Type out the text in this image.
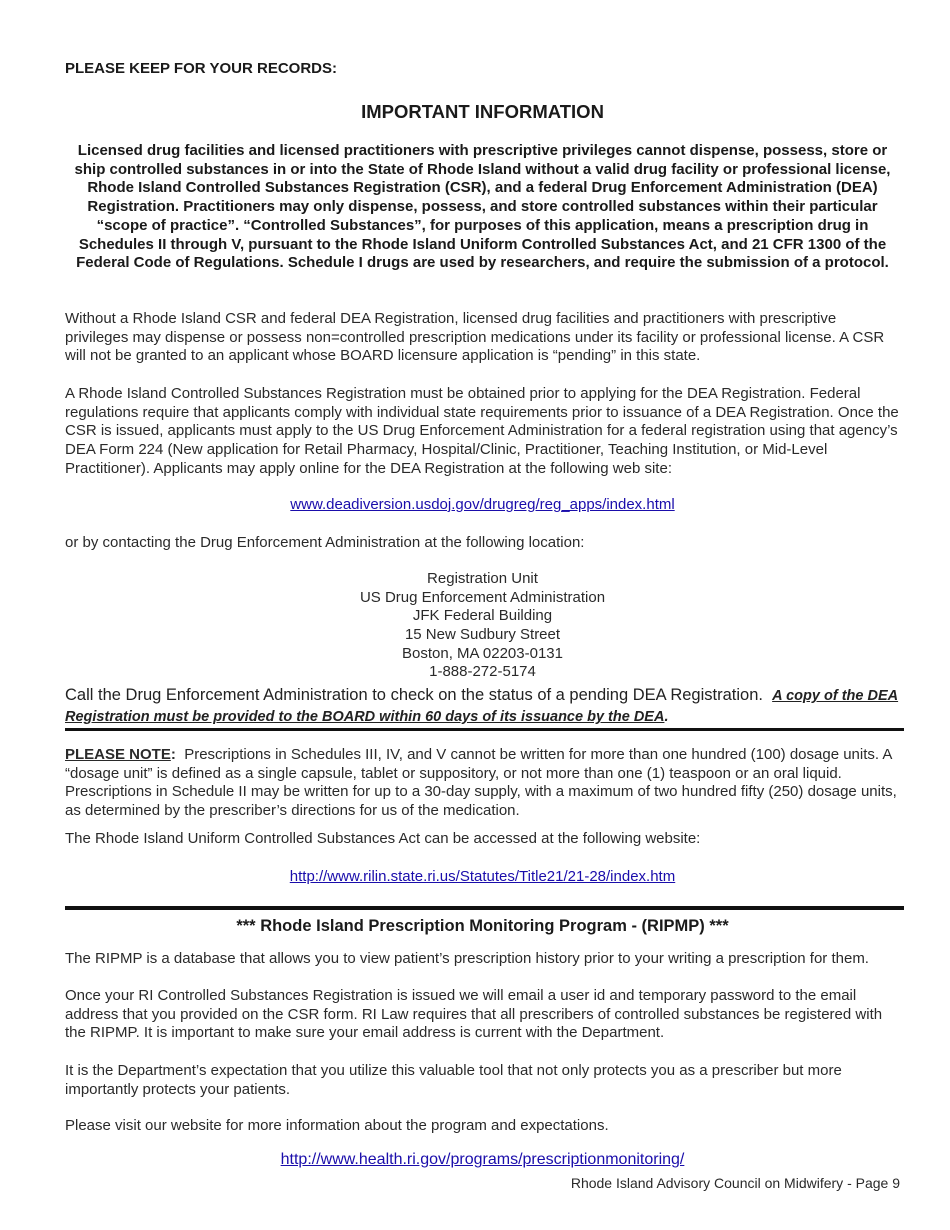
PLEASE KEEP FOR YOUR RECORDS:
IMPORTANT INFORMATION
Licensed drug facilities and licensed practitioners with prescriptive privileges cannot dispense, possess, store or ship controlled substances in or into the State of Rhode Island without a valid drug facility or professional license, Rhode Island Controlled Substances Registration (CSR), and a federal Drug Enforcement Administration (DEA) Registration. Practitioners may only dispense, possess, and store controlled substances within their particular “scope of practice”. “Controlled Substances”, for purposes of this application, means a prescription drug in Schedules II through V, pursuant to the Rhode Island Uniform Controlled Substances Act, and 21 CFR 1300 of the Federal Code of Regulations. Schedule I drugs are used by researchers, and require the submission of a protocol.
Without a Rhode Island CSR and federal DEA Registration, licensed drug facilities and practitioners with prescriptive privileges may dispense or possess non=controlled prescription medications under its facility or professional license. A CSR will not be granted to an applicant whose BOARD licensure application is “pending” in this state.
A Rhode Island Controlled Substances Registration must be obtained prior to applying for the DEA Registration. Federal regulations require that applicants comply with individual state requirements prior to issuance of a DEA Registration. Once the CSR is issued, applicants must apply to the US Drug Enforcement Administration for a federal registration using that agency’s DEA Form 224 (New application for Retail Pharmacy, Hospital/Clinic, Practitioner, Teaching Institution, or Mid-Level Practitioner). Applicants may apply online for the DEA Registration at the following web site:
www.deadiversion.usdoj.gov/drugreg/reg_apps/index.html
or by contacting the Drug Enforcement Administration at the following location:
Registration Unit
US Drug Enforcement Administration
JFK Federal Building
15 New Sudbury Street
Boston, MA 02203-0131
1-888-272-5174
Call the Drug Enforcement Administration to check on the status of a pending DEA Registration. A copy of the DEA Registration must be provided to the BOARD within 60 days of its issuance by the DEA.
PLEASE NOTE: Prescriptions in Schedules III, IV, and V cannot be written for more than one hundred (100) dosage units. A “dosage unit” is defined as a single capsule, tablet or suppository, or not more than one (1) teaspoon or an oral liquid. Prescriptions in Schedule II may be written for up to a 30-day supply, with a maximum of two hundred fifty (250) dosage units, as determined by the prescriber’s directions for us of the medication.
The Rhode Island Uniform Controlled Substances Act can be accessed at the following website:
http://www.rilin.state.ri.us/Statutes/Title21/21-28/index.htm
*** Rhode Island Prescription Monitoring Program - (RIPMP) ***
The RIPMP is a database that allows you to view patient’s prescription history prior to your writing a prescription for them.
Once your RI Controlled Substances Registration is issued we will email a user id and temporary password to the email address that you provided on the CSR form. RI Law requires that all prescribers of controlled substances be registered with the RIPMP. It is important to make sure your email address is current with the Department.
It is the Department’s expectation that you utilize this valuable tool that not only protects you as a prescriber but more importantly protects your patients.
Please visit our website for more information about the program and expectations.
http://www.health.ri.gov/programs/prescriptionmonitoring/
Rhode Island Advisory Council on Midwifery - Page 9
